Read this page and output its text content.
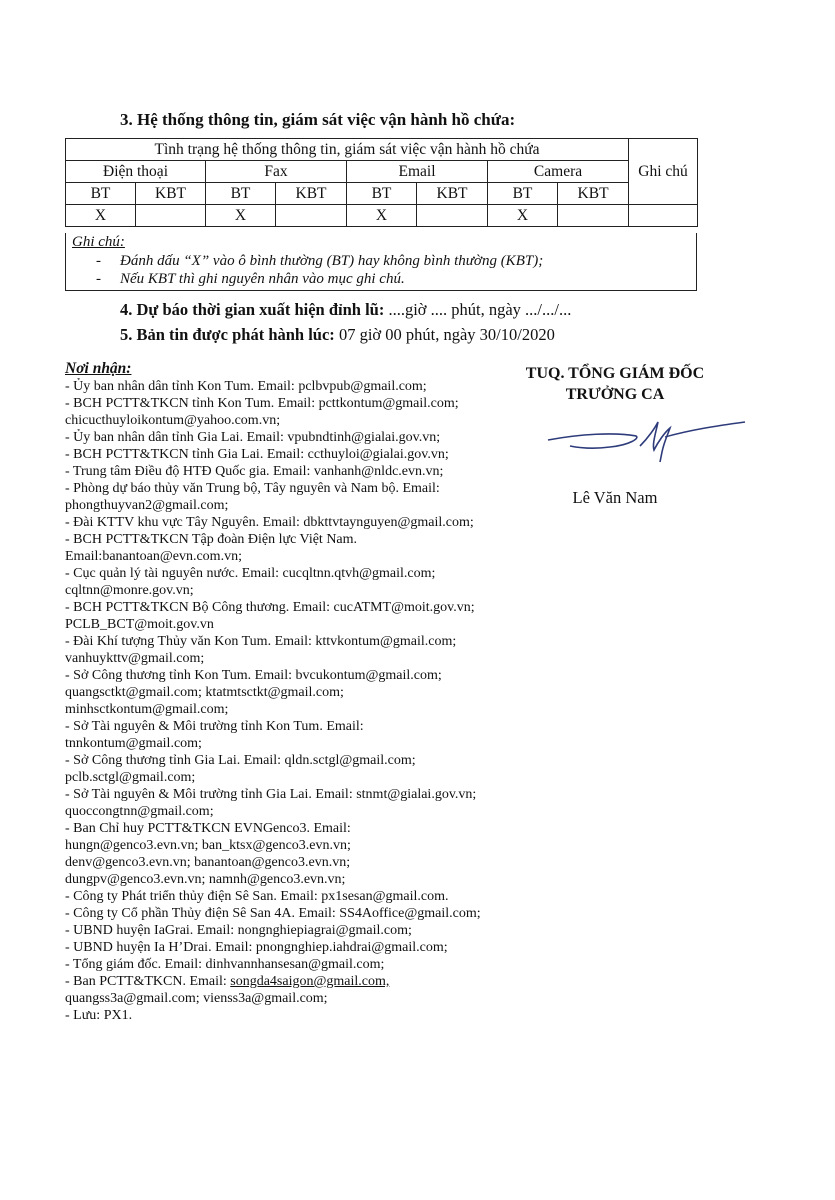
3. Hệ thống thông tin, giám sát việc vận hành hồ chứa:
Tình trạng hệ thống thông tin, giám sát việc vận hành hồ chứa								Ghi chú
Điện thoại		Fax		Email		Camera		
BT	KBT	BT	KBT	BT	KBT	BT	KBT	
X		X		X		X		
Ghi chú:
- Đánh dấu “X” vào ô bình thường (BT) hay không bình thường (KBT);
- Nếu KBT thì ghi nguyên nhân vào mục ghi chú.
4. Dự báo thời gian xuất hiện đỉnh lũ: ....giờ .... phút, ngày .../.../...
5. Bản tin được phát hành lúc: 07 giờ 00 phút, ngày 30/10/2020
Nơi nhận:
- Ủy ban nhân dân tỉnh Kon Tum. Email: pclbvpub@gmail.com;
- BCH PCTT&TKCN tỉnh Kon Tum. Email: pcttkontum@gmail.com;
chicucthuyloikontum@yahoo.com.vn;
- Ủy ban nhân dân tỉnh Gia Lai. Email: vpubndtinh@gialai.gov.vn;
- BCH PCTT&TKCN tỉnh Gia Lai. Email: ccthuyloi@gialai.gov.vn;
- Trung tâm Điều độ HTĐ Quốc gia. Email: vanhanh@nldc.evn.vn;
- Phòng dự báo thủy văn Trung bộ, Tây nguyên và Nam bộ. Email:
phongthuyvan2@gmail.com;
- Đài KTTV khu vực Tây Nguyên. Email: dbkttvtaynguyen@gmail.com;
- BCH PCTT&TKCN Tập đoàn Điện lực Việt Nam.
Email:banantoan@evn.com.vn;
- Cục quản lý tài nguyên nước. Email: cucqltnn.qtvh@gmail.com;
cqltnn@monre.gov.vn;
- BCH PCTT&TKCN Bộ Công thương. Email: cucATMT@moit.gov.vn;
PCLB_BCT@moit.gov.vn
- Đài Khí tượng Thủy văn Kon Tum. Email: kttvkontum@gmail.com;
vanhuykttv@gmail.com;
- Sở Công thương tỉnh Kon Tum. Email: bvcukontum@gmail.com;
quangsctkt@gmail.com; ktatmtsctkt@gmail.com;
minhsctkontum@gmail.com;
- Sở Tài nguyên & Môi trường tỉnh Kon Tum. Email:
tnnkontum@gmail.com;
- Sở Công thương tỉnh Gia Lai. Email: qldn.sctgl@gmail.com;
pclb.sctgl@gmail.com;
- Sở Tài nguyên & Môi trường tỉnh Gia Lai. Email: stnmt@gialai.gov.vn;
quoccongtnn@gmail.com;
- Ban Chỉ huy PCTT&TKCN EVNGenco3. Email:
hungn@genco3.evn.vn; ban_ktsx@genco3.evn.vn;
denv@genco3.evn.vn; banantoan@genco3.evn.vn;
dungpv@genco3.evn.vn; namnh@genco3.evn.vn;
- Công ty Phát triển thủy điện Sê San. Email: px1sesan@gmail.com.
- Công ty Cổ phần Thủy điện Sê San 4A. Email: SS4Aoffice@gmail.com;
- UBND huyện IaGrai. Email: nongnghiepiagrai@gmail.com;
- UBND huyện Ia H’Drai. Email: pnongnghiep.iahdrai@gmail.com;
- Tổng giám đốc. Email: dinhvannhansesan@gmail.com;
- Ban PCTT&TKCN. Email: songda4saigon@gmail.com,
quangss3a@gmail.com; vienss3a@gmail.com;
- Lưu: PX1.
TUQ. TỔNG GIÁM ĐỐC
TRƯỞNG CA
Lê Văn Nam
